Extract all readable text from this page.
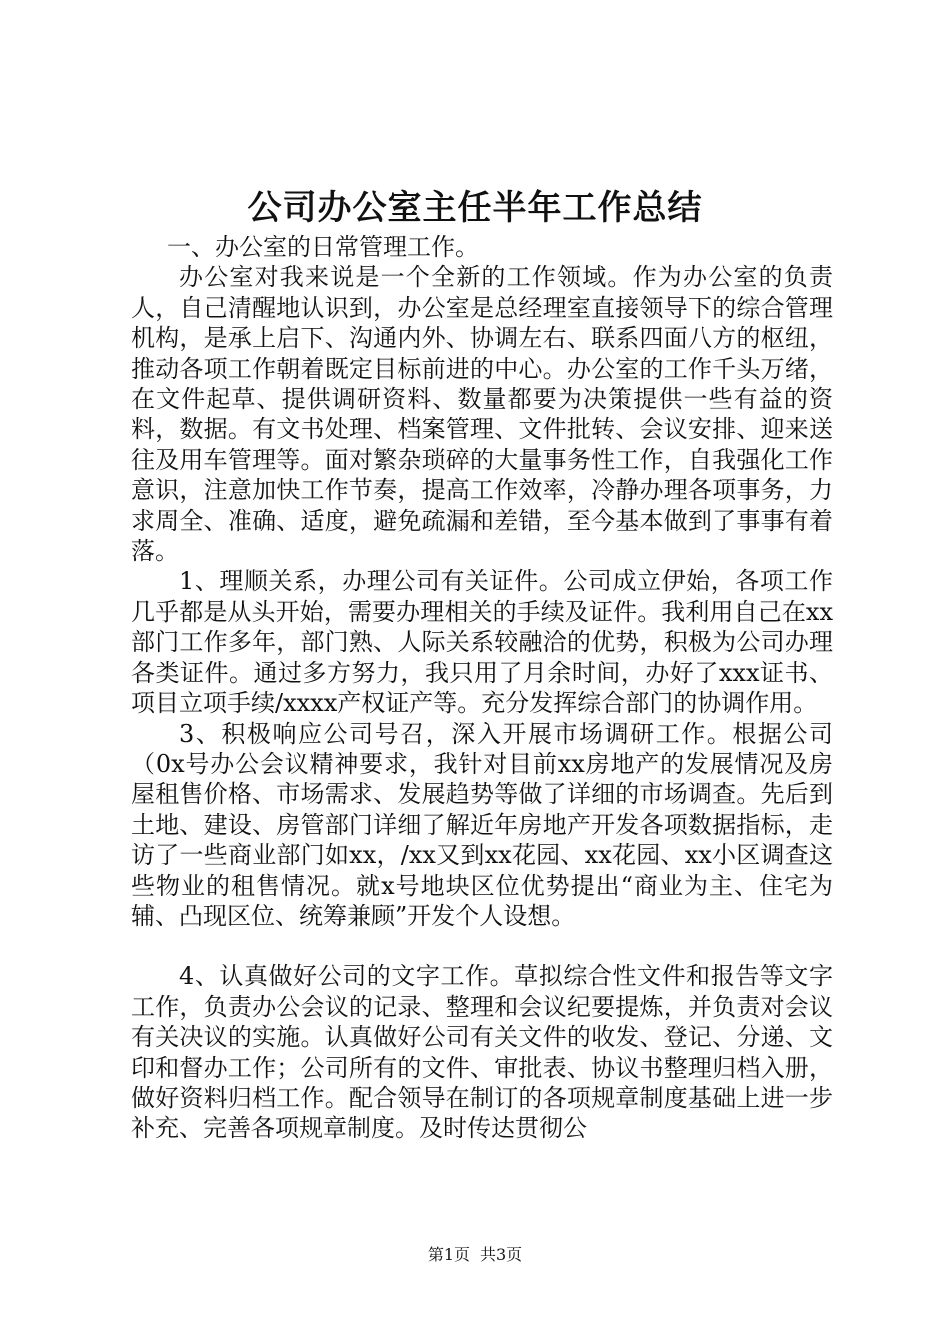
公司办公室主任半年工作总结

一、办公室的日常管理工作。

办公室对我来说是一个全新的工作领域。作为办公室的负责人，自己清醒地认识到，办公室是总经理室直接领导下的综合管理机构，是承上启下、沟通内外、协调左右、联系四面八方的枢纽，推动各项工作朝着既定目标前进的中心。办公室的工作千头万绪，在文件起草、提供调研资料、数量都要为决策提供一些有益的资料，数据。有文书处理、档案管理、文件批转、会议安排、迎来送往及用车管理等。面对繁杂琐碎的大量事务性工作，自我强化工作意识，注意加快工作节奏，提高工作效率，冷静办理各项事务，力求周全、准确、适度，避免疏漏和差错，至今基本做到了事事有着落。

1、理顺关系，办理公司有关证件。公司成立伊始，各项工作几乎都是从头开始，需要办理相关的手续及证件。我利用自己在xx部门工作多年，部门熟、人际关系较融洽的优势，积极为公司办理各类证件。通过多方努力，我只用了月余时间，办好了xxx证书、项目立项手续/xxxx产权证产等。充分发挥综合部门的协调作用。

3、积极响应公司号召，深入开展市场调研工作。根据公司（0x号办公会议精神要求，我针对目前xx房地产的发展情况及房屋租售价格、市场需求、发展趋势等做了详细的市场调查。先后到土地、建设、房管部门详细了解近年房地产开发各项数据指标，走访了一些商业部门如xx，/xx又到xx花园、xx花园、xx小区调查这些物业的租售情况。就x号地块区位优势提出“商业为主、住宅为辅、凸现区位、统筹兼顾”开发个人设想。

4、认真做好公司的文字工作。草拟综合性文件和报告等文字工作，负责办公会议的记录、整理和会议纪要提炼，并负责对会议有关决议的实施。认真做好公司有关文件的收发、登记、分递、文印和督办工作；公司所有的文件、审批表、协议书整理归档入册，做好资料归档工作。配合领导在制订的各项规章制度基础上进一步补充、完善各项规章制度。及时传达贯彻公

第1页 共3页
